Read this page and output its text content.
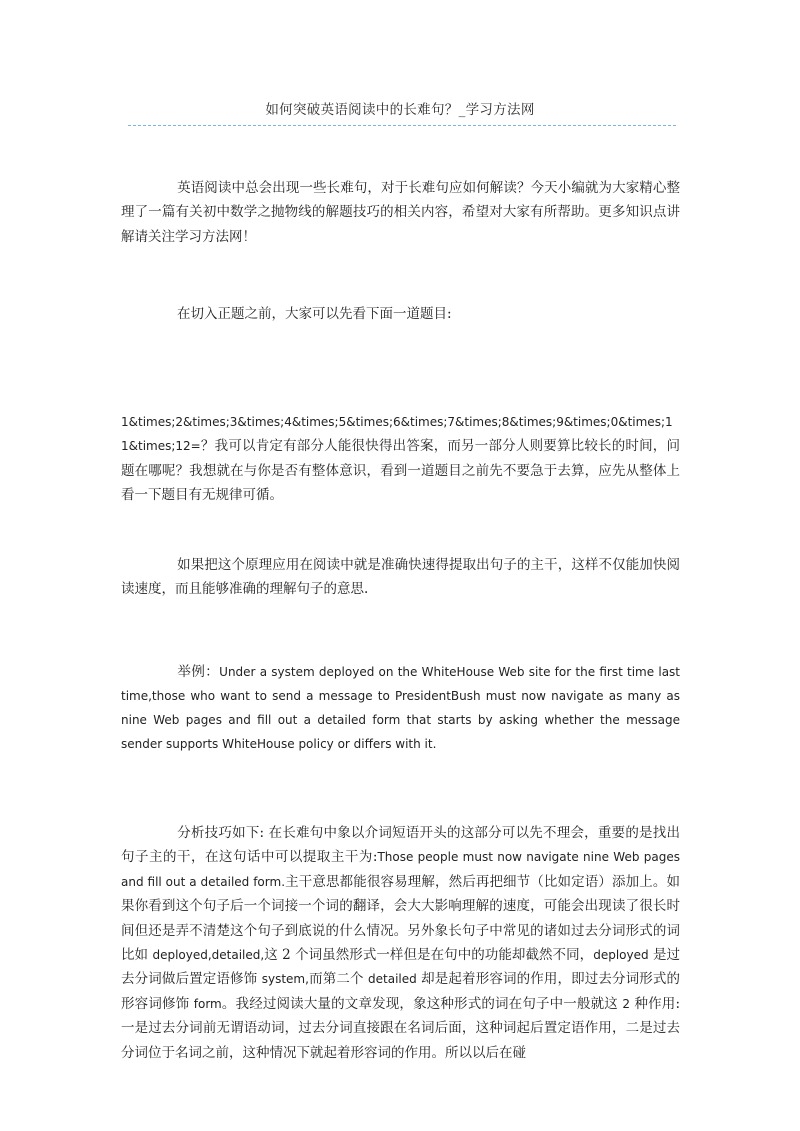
如何突破英语阅读中的长难句？_学习方法网

英语阅读中总会出现一些长难句，对于长难句应如何解读？今天小编就为大家精心整理了一篇有关初中数学之抛物线的解题技巧的相关内容，希望对大家有所帮助。更多知识点讲解请关注学习方法网！

在切入正题之前，大家可以先看下面一道题目:

1&times;2&times;3&times;4&times;5&times;6&times;7&times;8&times;9&times;0&times;11&times;12=？我可以肯定有部分人能很快得出答案，而另一部分人则要算比较长的时间，问题在哪呢？我想就在与你是否有整体意识，看到一道题目之前先不要急于去算，应先从整体上看一下题目有无规律可循。

如果把这个原理应用在阅读中就是准确快速得提取出句子的主干，这样不仅能加快阅读速度，而且能够准确的理解句子的意思.

举例：Under a system deployed on the WhiteHouse Web site for the first time last time,those who want to send a message to PresidentBush must now navigate as many as nine Web pages and fill out a detailed form that starts by asking whether the message sender supports WhiteHouse policy or differs with it.

分析技巧如下: 在长难句中象以介词短语开头的这部分可以先不理会，重要的是找出句子主的干，在这句话中可以提取主干为:Those people must now navigate nine Web pages and fill out a detailed form.主干意思都能很容易理解，然后再把细节（比如定语）添加上。如果你看到这个句子后一个词接一个词的翻译，会大大影响理解的速度，可能会出现读了很长时间但还是弄不清楚这个句子到底说的什么情况。另外象长句子中常见的诸如过去分词形式的词比如 deployed,detailed,这 2 个词虽然形式一样但是在句中的功能却截然不同，deployed 是过去分词做后置定语修饰 system,而第二个 detailed 却是起着形容词的作用，即过去分词形式的形容词修饰 form。我经过阅读大量的文章发现，象这种形式的词在句子中一般就这 2 种作用: 一是过去分词前无谓语动词，过去分词直接跟在名词后面，这种词起后置定语作用，二是过去分词位于名词之前，这种情况下就起着形容词的作用。所以以后在碰
